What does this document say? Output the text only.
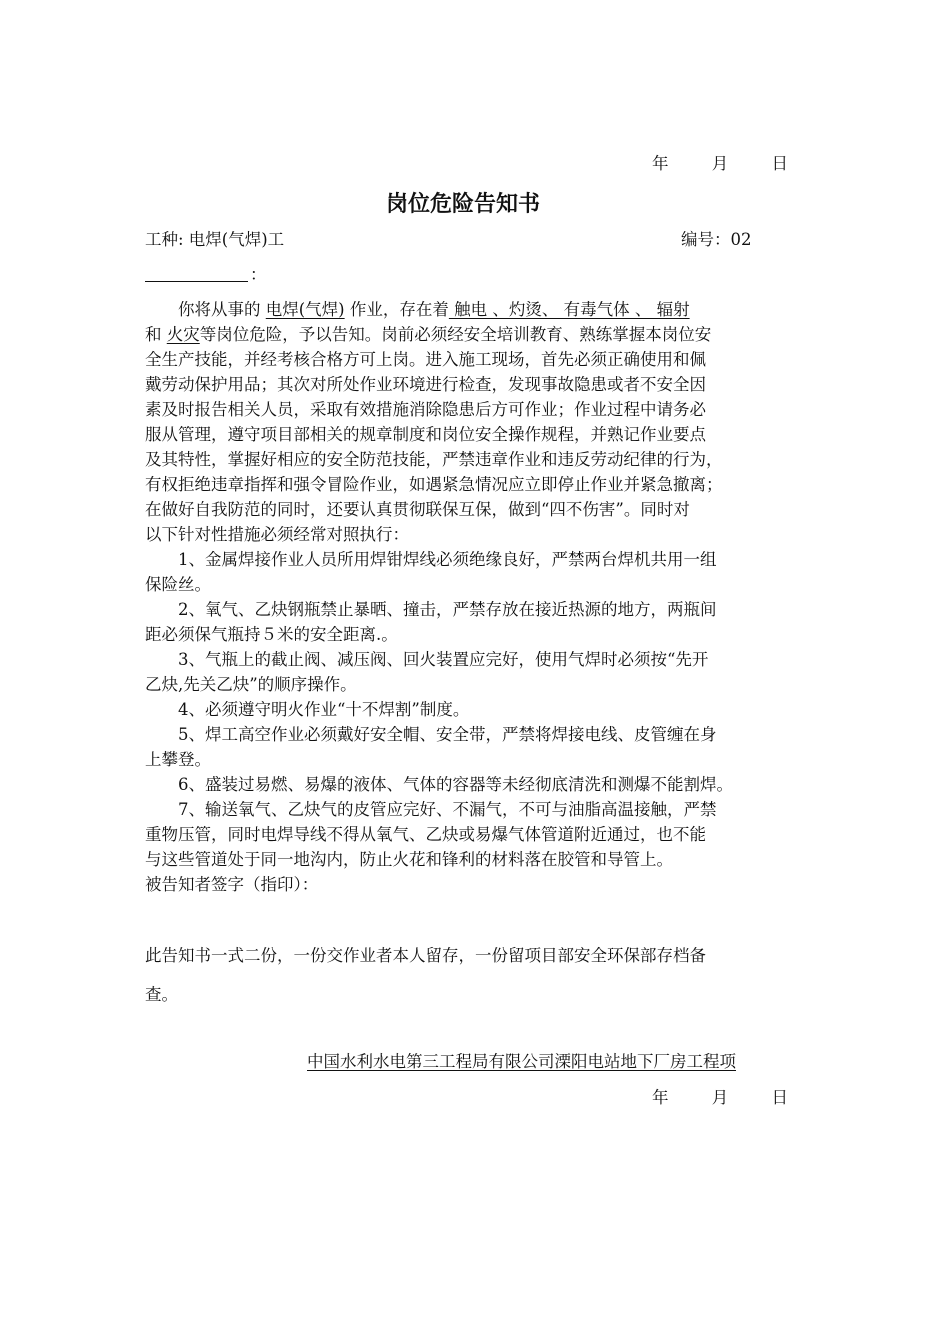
年	月	日
岗位危险告知书
工种: 电焊(气焊)工	编号：02
：
你将从事的 电焊(气焊) 作业，存在着 触电 、灼烫、 有毒气体 、 辐射
和 火灾等岗位危险，予以告知。岗前必须经安全培训教育、熟练掌握本岗位安
全生产技能，并经考核合格方可上岗。进入施工现场，首先必须正确使用和佩
戴劳动保护用品；其次对所处作业环境进行检查，发现事故隐患或者不安全因
素及时报告相关人员，采取有效措施消除隐患后方可作业；作业过程中请务必
服从管理，遵守项目部相关的规章制度和岗位安全操作规程，并熟记作业要点
及其特性，掌握好相应的安全防范技能，严禁违章作业和违反劳动纪律的行为，
有权拒绝违章指挥和强令冒险作业，如遇紧急情况应立即停止作业并紧急撤离；
在做好自我防范的同时，还要认真贯彻联保互保，做到“四不伤害”。同时对
以下针对性措施必须经常对照执行：
1、金属焊接作业人员所用焊钳焊线必须绝缘良好，严禁两台焊机共用一组
保险丝。
2、氧气、乙炔钢瓶禁止暴晒、撞击，严禁存放在接近热源的地方，两瓶间
距必须保气瓶持５米的安全距离.。
3、气瓶上的截止阀、减压阀、回火装置应完好，使用气焊时必须按“先开
乙炔,先关乙炔”的顺序操作。
4、必须遵守明火作业“十不焊割”制度。
5、焊工高空作业必须戴好安全帽、安全带，严禁将焊接电线、皮管缠在身
上攀登。
6、盛装过易燃、易爆的液体、气体的容器等未经彻底清洗和测爆不能割焊。
7、输送氧气、乙炔气的皮管应完好、不漏气，不可与油脂高温接触，严禁
重物压管，同时电焊导线不得从氧气、乙炔或易爆气体管道附近通过，也不能
与这些管道处于同一地沟内，防止火花和锋利的材料落在胶管和导管上。
被告知者签字（指印）：
此告知书一式二份，一份交作业者本人留存，一份留项目部安全环保部存档备
查。
中国水利水电第三工程局有限公司溧阳电站地下厂房工程项
年	月	日
